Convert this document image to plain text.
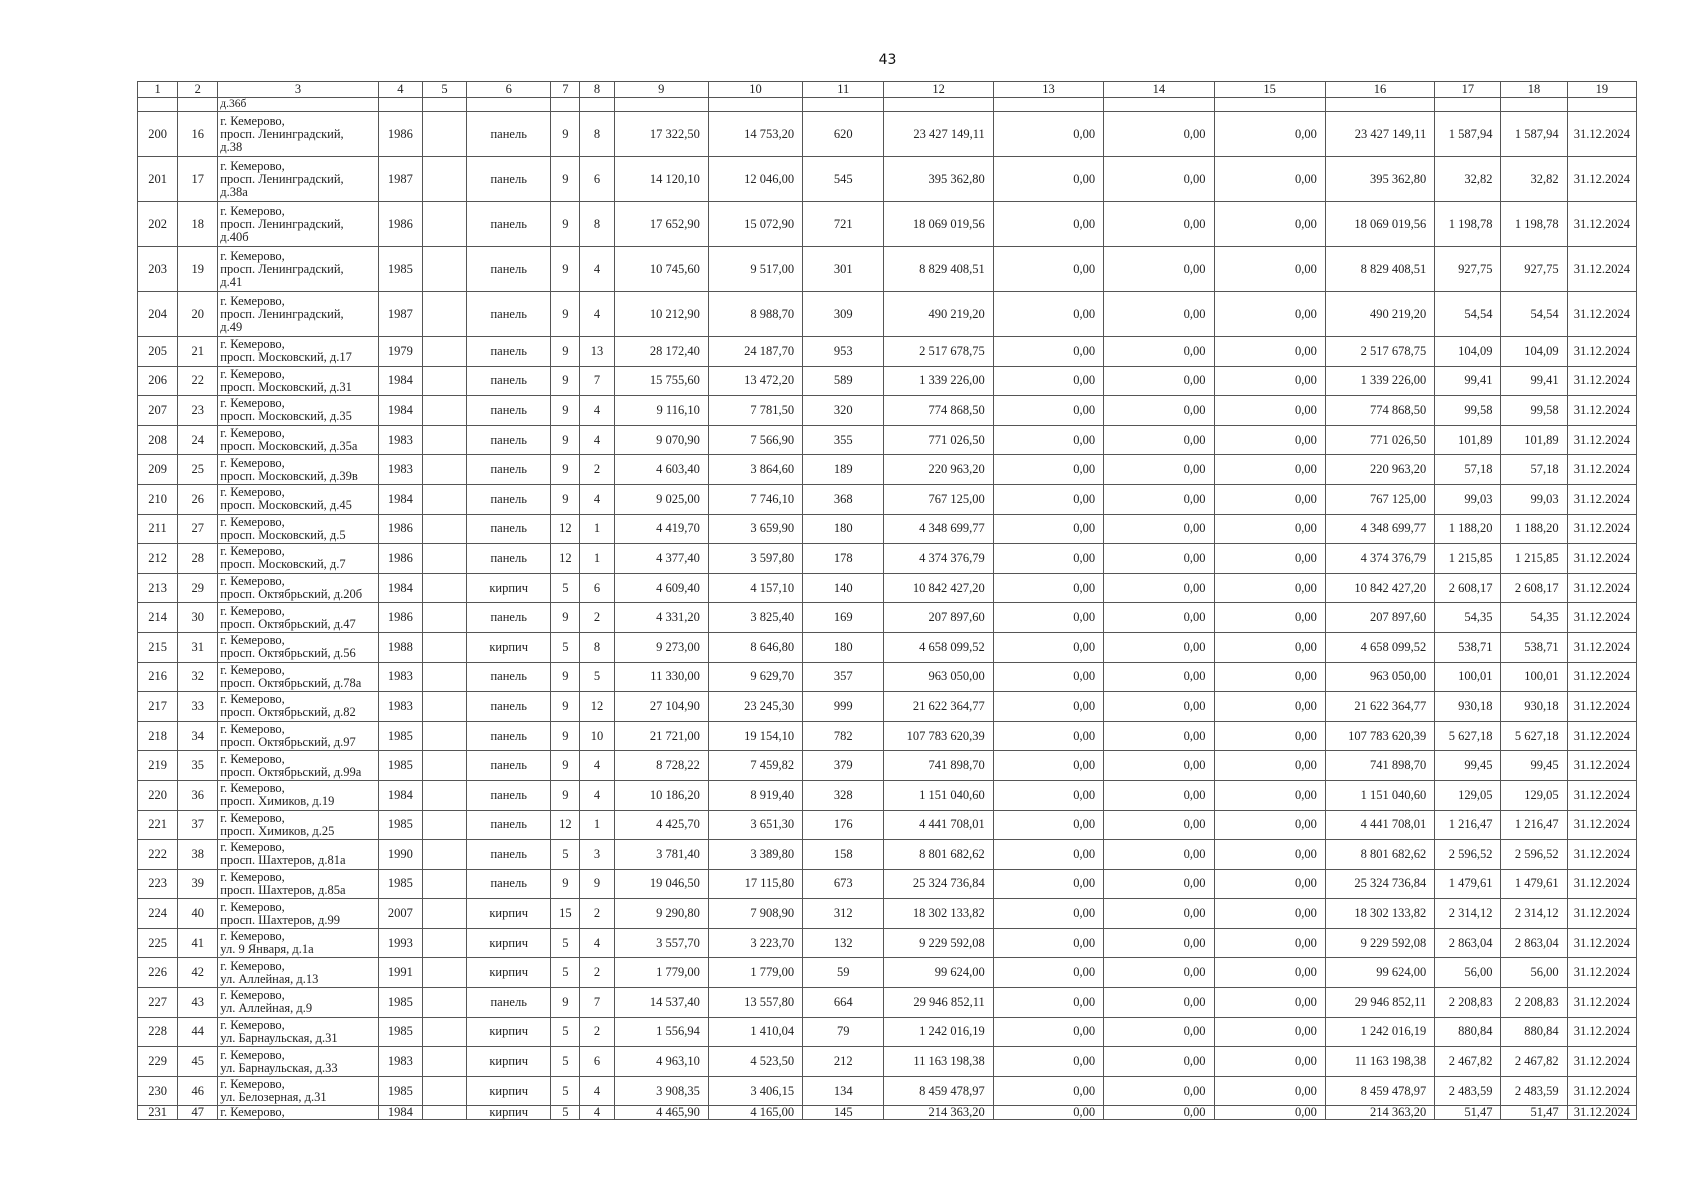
43
1	2	3	4	5	6	7	8	9	10	11	12	13	14	15	16	17	18	19
		д.36б																
200	16	г. Кемерово,
просп. Ленинградский,
д.38	1986		панель	9	8	17 322,50	14 753,20	620	23 427 149,11	0,00	0,00	0,00	23 427 149,11	1 587,94	1 587,94	31.12.2024
201	17	г. Кемерово,
просп. Ленинградский,
д.38а	1987		панель	9	6	14 120,10	12 046,00	545	395 362,80	0,00	0,00	0,00	395 362,80	32,82	32,82	31.12.2024
202	18	г. Кемерово,
просп. Ленинградский,
д.40б	1986		панель	9	8	17 652,90	15 072,90	721	18 069 019,56	0,00	0,00	0,00	18 069 019,56	1 198,78	1 198,78	31.12.2024
203	19	г. Кемерово,
просп. Ленинградский,
д.41	1985		панель	9	4	10 745,60	9 517,00	301	8 829 408,51	0,00	0,00	0,00	8 829 408,51	927,75	927,75	31.12.2024
204	20	г. Кемерово,
просп. Ленинградский,
д.49	1987		панель	9	4	10 212,90	8 988,70	309	490 219,20	0,00	0,00	0,00	490 219,20	54,54	54,54	31.12.2024
205	21	г. Кемерово,
просп. Московский, д.17	1979		панель	9	13	28 172,40	24 187,70	953	2 517 678,75	0,00	0,00	0,00	2 517 678,75	104,09	104,09	31.12.2024
206	22	г. Кемерово,
просп. Московский, д.31	1984		панель	9	7	15 755,60	13 472,20	589	1 339 226,00	0,00	0,00	0,00	1 339 226,00	99,41	99,41	31.12.2024
207	23	г. Кемерово,
просп. Московский, д.35	1984		панель	9	4	9 116,10	7 781,50	320	774 868,50	0,00	0,00	0,00	774 868,50	99,58	99,58	31.12.2024
208	24	г. Кемерово,
просп. Московский, д.35а	1983		панель	9	4	9 070,90	7 566,90	355	771 026,50	0,00	0,00	0,00	771 026,50	101,89	101,89	31.12.2024
209	25	г. Кемерово,
просп. Московский, д.39в	1983		панель	9	2	4 603,40	3 864,60	189	220 963,20	0,00	0,00	0,00	220 963,20	57,18	57,18	31.12.2024
210	26	г. Кемерово,
просп. Московский, д.45	1984		панель	9	4	9 025,00	7 746,10	368	767 125,00	0,00	0,00	0,00	767 125,00	99,03	99,03	31.12.2024
211	27	г. Кемерово,
просп. Московский, д.5	1986		панель	12	1	4 419,70	3 659,90	180	4 348 699,77	0,00	0,00	0,00	4 348 699,77	1 188,20	1 188,20	31.12.2024
212	28	г. Кемерово,
просп. Московский, д.7	1986		панель	12	1	4 377,40	3 597,80	178	4 374 376,79	0,00	0,00	0,00	4 374 376,79	1 215,85	1 215,85	31.12.2024
213	29	г. Кемерово,
просп. Октябрьский, д.20б	1984		кирпич	5	6	4 609,40	4 157,10	140	10 842 427,20	0,00	0,00	0,00	10 842 427,20	2 608,17	2 608,17	31.12.2024
214	30	г. Кемерово,
просп. Октябрьский, д.47	1986		панель	9	2	4 331,20	3 825,40	169	207 897,60	0,00	0,00	0,00	207 897,60	54,35	54,35	31.12.2024
215	31	г. Кемерово,
просп. Октябрьский, д.56	1988		кирпич	5	8	9 273,00	8 646,80	180	4 658 099,52	0,00	0,00	0,00	4 658 099,52	538,71	538,71	31.12.2024
216	32	г. Кемерово,
просп. Октябрьский, д.78а	1983		панель	9	5	11 330,00	9 629,70	357	963 050,00	0,00	0,00	0,00	963 050,00	100,01	100,01	31.12.2024
217	33	г. Кемерово,
просп. Октябрьский, д.82	1983		панель	9	12	27 104,90	23 245,30	999	21 622 364,77	0,00	0,00	0,00	21 622 364,77	930,18	930,18	31.12.2024
218	34	г. Кемерово,
просп. Октябрьский, д.97	1985		панель	9	10	21 721,00	19 154,10	782	107 783 620,39	0,00	0,00	0,00	107 783 620,39	5 627,18	5 627,18	31.12.2024
219	35	г. Кемерово,
просп. Октябрьский, д.99а	1985		панель	9	4	8 728,22	7 459,82	379	741 898,70	0,00	0,00	0,00	741 898,70	99,45	99,45	31.12.2024
220	36	г. Кемерово,
просп. Химиков, д.19	1984		панель	9	4	10 186,20	8 919,40	328	1 151 040,60	0,00	0,00	0,00	1 151 040,60	129,05	129,05	31.12.2024
221	37	г. Кемерово,
просп. Химиков, д.25	1985		панель	12	1	4 425,70	3 651,30	176	4 441 708,01	0,00	0,00	0,00	4 441 708,01	1 216,47	1 216,47	31.12.2024
222	38	г. Кемерово,
просп. Шахтеров, д.81а	1990		панель	5	3	3 781,40	3 389,80	158	8 801 682,62	0,00	0,00	0,00	8 801 682,62	2 596,52	2 596,52	31.12.2024
223	39	г. Кемерово,
просп. Шахтеров, д.85а	1985		панель	9	9	19 046,50	17 115,80	673	25 324 736,84	0,00	0,00	0,00	25 324 736,84	1 479,61	1 479,61	31.12.2024
224	40	г. Кемерово,
просп. Шахтеров, д.99	2007		кирпич	15	2	9 290,80	7 908,90	312	18 302 133,82	0,00	0,00	0,00	18 302 133,82	2 314,12	2 314,12	31.12.2024
225	41	г. Кемерово,
ул. 9 Января, д.1а	1993		кирпич	5	4	3 557,70	3 223,70	132	9 229 592,08	0,00	0,00	0,00	9 229 592,08	2 863,04	2 863,04	31.12.2024
226	42	г. Кемерово,
ул. Аллейная, д.13	1991		кирпич	5	2	1 779,00	1 779,00	59	99 624,00	0,00	0,00	0,00	99 624,00	56,00	56,00	31.12.2024
227	43	г. Кемерово,
ул. Аллейная, д.9	1985		панель	9	7	14 537,40	13 557,80	664	29 946 852,11	0,00	0,00	0,00	29 946 852,11	2 208,83	2 208,83	31.12.2024
228	44	г. Кемерово,
ул. Барнаульская, д.31	1985		кирпич	5	2	1 556,94	1 410,04	79	1 242 016,19	0,00	0,00	0,00	1 242 016,19	880,84	880,84	31.12.2024
229	45	г. Кемерово,
ул. Барнаульская, д.33	1983		кирпич	5	6	4 963,10	4 523,50	212	11 163 198,38	0,00	0,00	0,00	11 163 198,38	2 467,82	2 467,82	31.12.2024
230	46	г. Кемерово,
ул. Белозерная, д.31	1985		кирпич	5	4	3 908,35	3 406,15	134	8 459 478,97	0,00	0,00	0,00	8 459 478,97	2 483,59	2 483,59	31.12.2024
231	47	г. Кемерово,	1984		кирпич	5	4	4 465,90	4 165,00	145	214 363,20	0,00	0,00	0,00	214 363,20	51,47	51,47	31.12.2024
